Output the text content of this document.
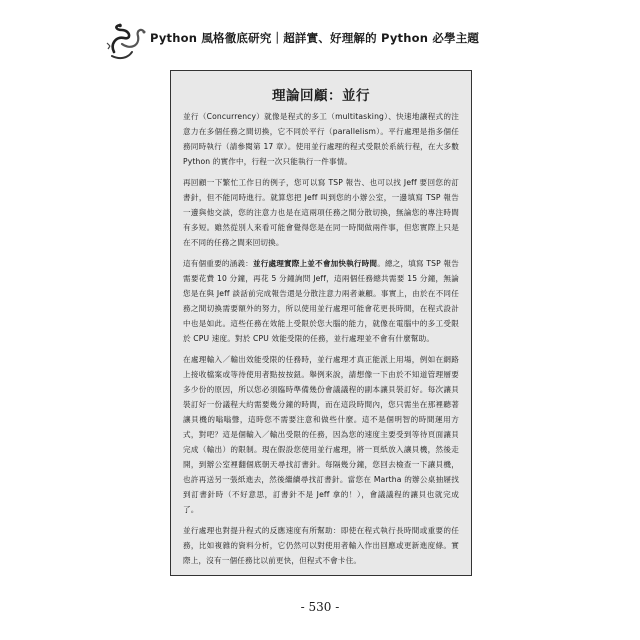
Python 風格徹底研究｜超詳實、好理解的 Python 必學主題
理論回顧：並行

並行（Concurrency）就像是程式的多工（multitasking）、快速地讓程式的注意力在多個任務之間切換，它不同於平行（parallelism）。平行處理是指多個任務同時執行（請參閱第 17 章）。使用並行處理的程式受限於系統行程，在大多數 Python 的實作中，行程一次只能執行一件事情。

再回顧一下繁忙工作日的例子，您可以寫 TSP 報告、也可以找 Jeff 要回您的訂書針，但不能同時進行。就算您把 Jeff 叫到您的小辦公室，一邊填寫 TSP 報告一邊與他交談，您的注意力也是在這兩項任務之間分散切換，無論您的專注時間有多短。雖然從別人來看可能會覺得您是在同一時間做兩件事，但您實際上只是在不同的任務之間來回切換。

這有個重要的涵義：並行處理實際上並不會加快執行時間。總之，填寫 TSP 報告需要花費 10 分鐘，再花 5 分鐘詢問 Jeff，這兩個任務總共需要 15 分鐘，無論您是在與 Jeff 談話前完成報告還是分散注意力兩者兼顧。事實上，由於在不同任務之間切換需要額外的努力，所以使用並行處理可能會花更長時間，在程式設計中也是如此。這些任務在效能上受限於您大腦的能力，就像在電腦中的多工受限於 CPU 速度。對於 CPU 效能受限的任務，並行處理並不會有什麼幫助。

在處理輸入／輸出效能受限的任務時，並行處理才真正能派上用場，例如在網路上接收檔案或等待使用者點按按鈕。舉例來說，請想像一下由於不知道管理層要多少份的原因，所以您必須臨時準備幾份會議議程的副本讓貝裝訂好。每次讓貝裝訂好一份議程大約需要幾分鐘的時間，而在這段時間內，您只需坐在那裡聽著讓貝機的嗡嗡聲，這時您不需要注意和做些什麼。這不是個明智的時間運用方式，對吧？這是個輸入／輸出受限的任務，因為您的速度主要受到等待頁面讓貝完成（輸出）的限制。現在假設您使用並行處理，將一頁紙放入讓貝機，然後走開，到辦公室裡翻個底朝天尋找訂書針。每隔幾分鐘，您回去檢查一下讓貝機，也許再送另一張紙進去，然後繼續尋找訂書針。當您在 Martha 的辦公桌抽屜找到訂書針時（不好意思，訂書針不是 Jeff 拿的！），會議議程的讓貝也就完成了。

並行處理也對提升程式的反應速度有所幫助：即使在程式執行長時間或重要的任務，比如複雜的資料分析，它仍然可以對使用者輸入作出回應或更新進度條。實際上，沒有一個任務比以前更快，但程式不會卡住。

- 530 -
